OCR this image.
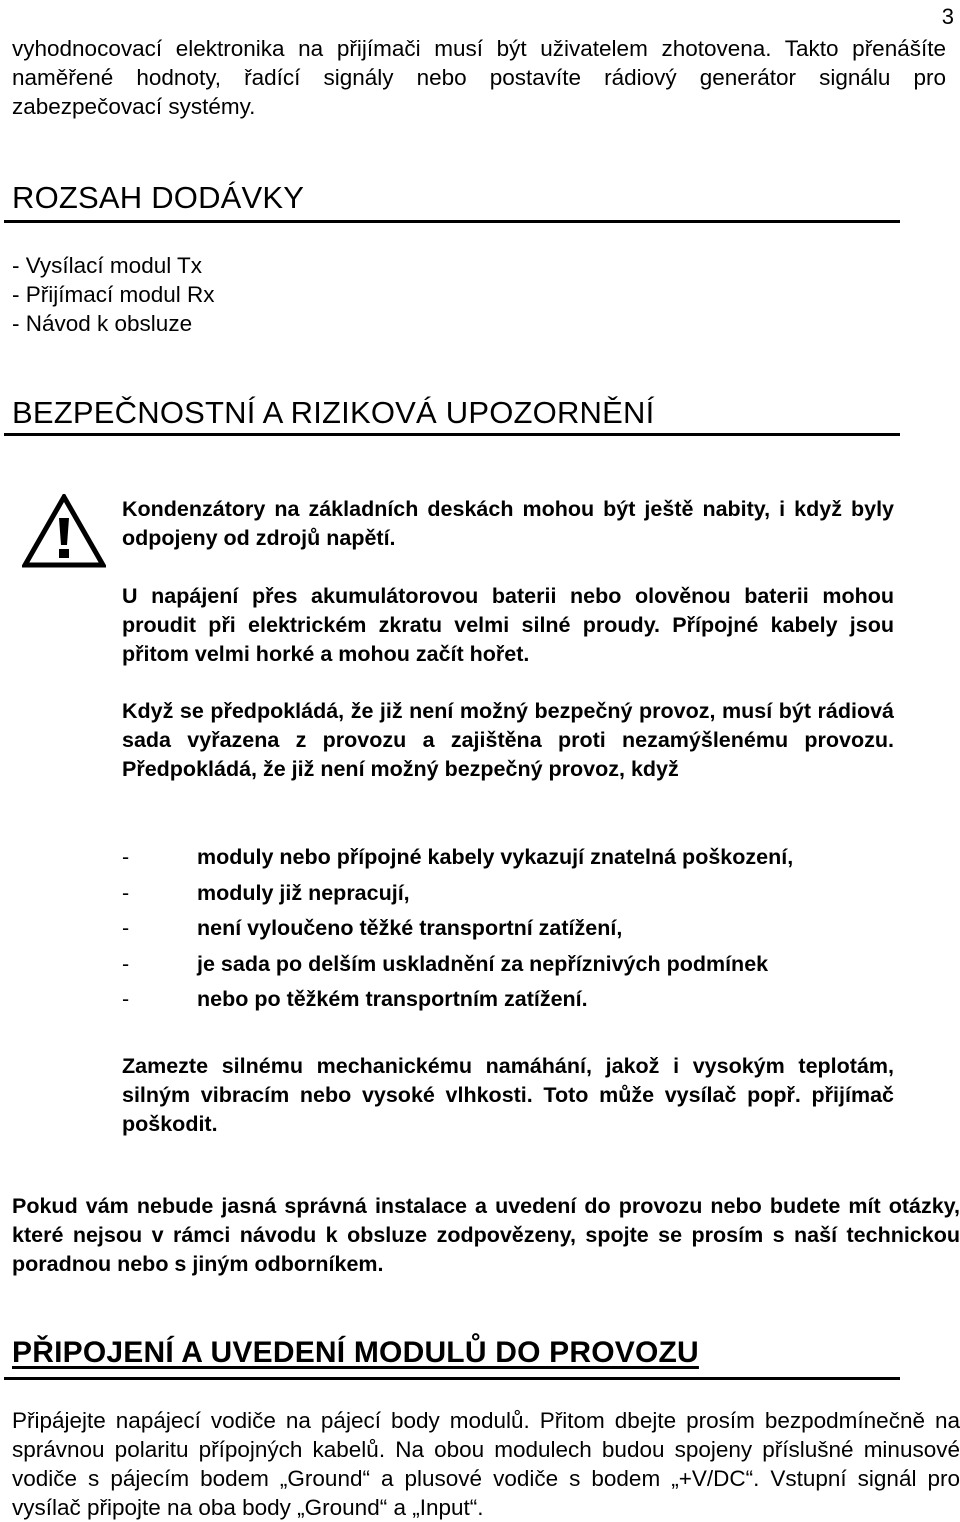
3

vyhodnocovací elektronika na přijímači musí být uživatelem zhotovena. Takto přenášíte naměřené hodnoty, řadící signály nebo postavíte rádiový generátor signálu pro zabezpečovací systémy.

ROZSAH DODÁVKY
- Vysílací modul Tx
- Přijímací modul Rx
- Návod k obsluze
BEZPEČNOSTNÍ A RIZIKOVÁ UPOZORNĚNÍ

Kondenzátory na základních deskách mohou být ještě nabity, i když byly odpojeny od zdrojů napětí.

U napájení přes akumulátorovou baterii nebo olověnou baterii mohou proudit při elektrickém zkratu velmi silné proudy. Přípojné kabely jsou přitom velmi horké a mohou začít hořet.

Když se předpokládá, že již není možný bezpečný provoz, musí být rádiová sada vyřazena z provozu a zajištěna proti nezamýšlenému provozu. Předpokládá, že již není možný bezpečný provoz, když

-	moduly nebo přípojné kabely vykazují znatelná poškození,
-	moduly již nepracují,
-	není vyloučeno těžké transportní zatížení,
-	je sada po delším uskladnění za nepříznivých podmínek
-	nebo po těžkém transportním zatížení.

Zamezte silnému mechanickému namáhání, jakož i vysokým teplotám, silným vibracím nebo vysoké vlhkosti. Toto může vysílač popř. přijímač poškodit.

Pokud vám nebude jasná správná instalace a uvedení do provozu nebo budete mít otázky, které nejsou v rámci návodu k obsluze zodpovězeny, spojte se prosím s naší technickou poradnou nebo s jiným odborníkem.

PŘIPOJENÍ A UVEDENÍ MODULŮ DO PROVOZU

Připájejte napájecí vodiče na pájecí body modulů. Přitom dbejte prosím bezpodmínečně na správnou polaritu přípojných kabelů. Na obou modulech budou spojeny příslušné minusové vodiče s pájecím bodem „Ground“ a plusové vodiče s bodem „+V/DC“. Vstupní signál pro vysílač připojte na oba body „Ground“ a „Input“.
